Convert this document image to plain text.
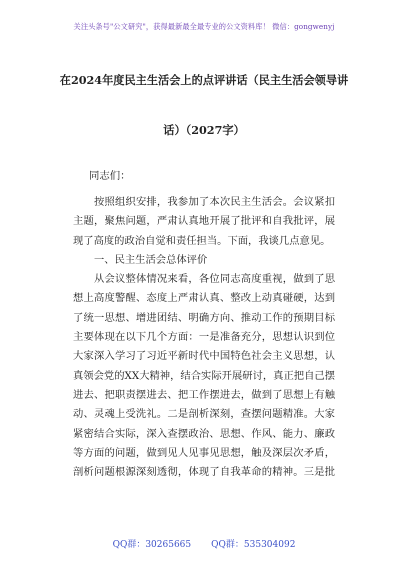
关注头条号"公文研究"，获得最新最全最专业的公文资料库！ 微信：gongwenyj
在2024年度民主生活会上的点评讲话（民主生活会领导讲
话）（2027字）
同志们：
按照组织安排，我参加了本次民主生活会。会议紧扣
主题，聚焦问题，严肃认真地开展了批评和自我批评，展
现了高度的政治自觉和责任担当。下面，我谈几点意见。
一、民主生活会总体评价
从会议整体情况来看，各位同志高度重视，做到了思
想上高度警醒、态度上严肃认真、整改上动真碰硬，达到
了统一思想、增进团结、明确方向、推动工作的预期目标
主要体现在以下几个方面：一是准备充分，思想认识到位
大家深入学习了习近平新时代中国特色社会主义思想，认
真领会党的XX大精神，结合实际开展研讨，真正把自己摆
进去、把职责摆进去、把工作摆进去，做到了思想上有触
动、灵魂上受洗礼。二是剖析深刻，查摆问题精准。大家
紧密结合实际，深入查摆政治、思想、作风、能力、廉政
等方面的问题，做到见人见事见思想，触及深层次矛盾，
剖析问题根源深刻透彻，体现了自我革命的精神。三是批
QQ群：30265665 QQ群：535304092
